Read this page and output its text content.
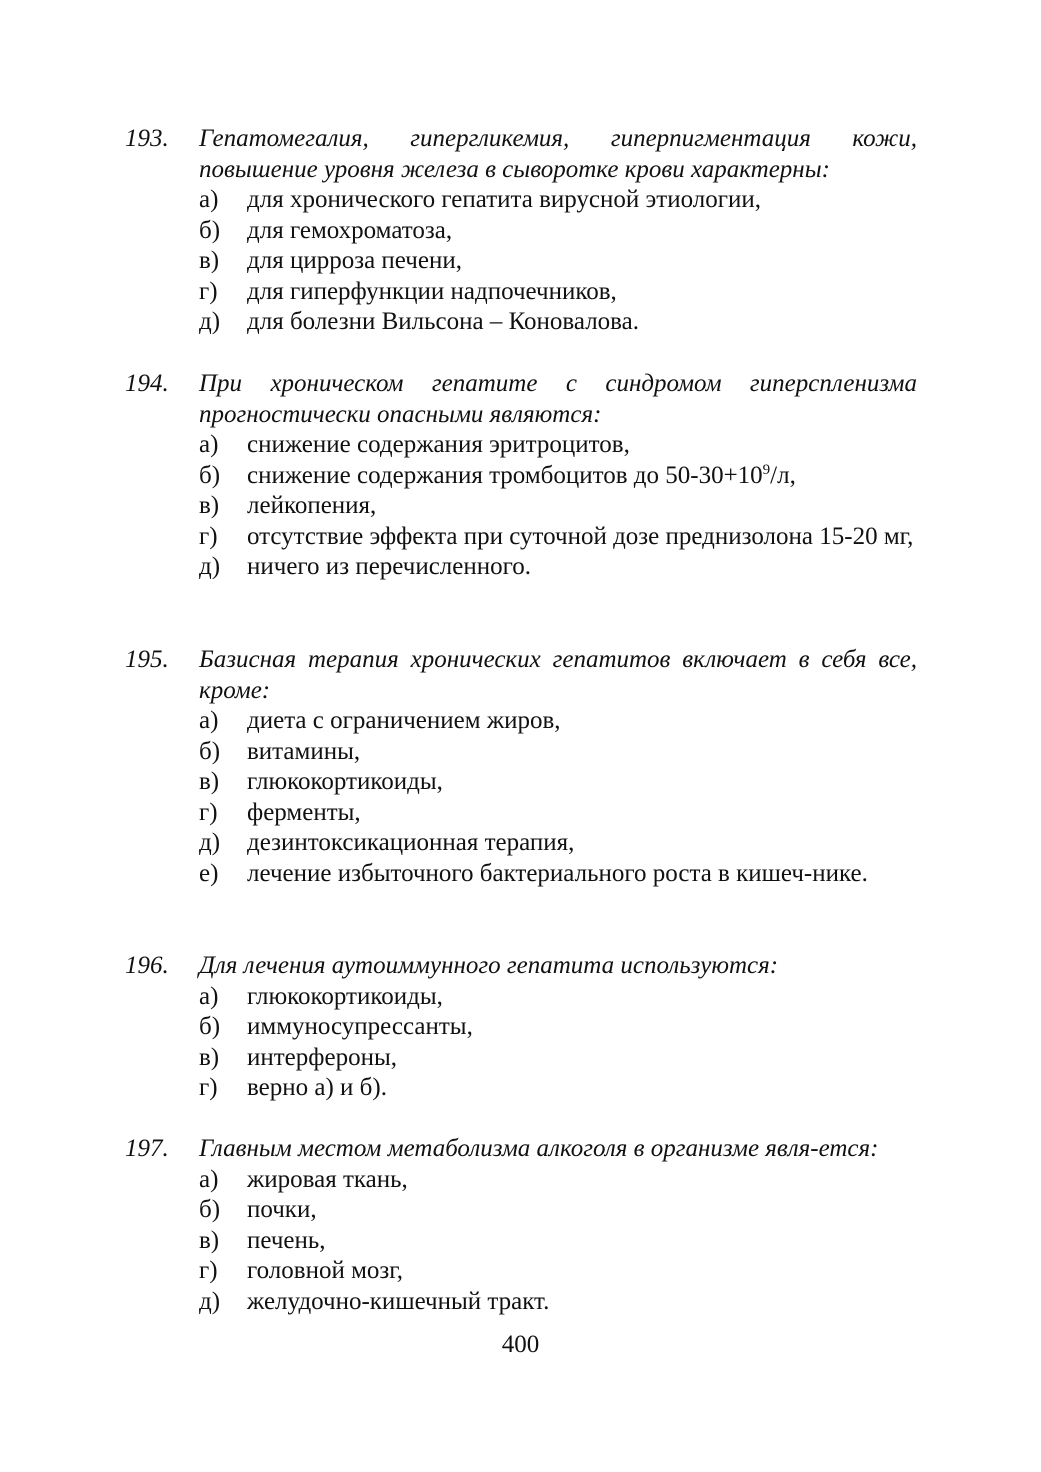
193.	Гепатомегалия, гипергликемия, гиперпигментация кожи, повышение уровня железа в сыворотке крови характерны:
а)	для хронического гепатита вирусной этиологии,
б)	для гемохроматоза,
в)	для цирроза печени,
г)	для гиперфункции надпочечников,
д)	для болезни Вильсона – Коновалова.
194.	При хроническом гепатите с синдромом гиперспленизма прогностически опасными являются:
а)	снижение содержания эритроцитов,
б)	снижение содержания тромбоцитов до $50-30+10^9/л$,
в)	лейкопения,
г)	отсутствие эффекта при суточной дозе преднизолона 15-20 мг,
д)	ничего из перечисленного.
195.	Базисная терапия хронических гепатитов включает в себя все, кроме:
а)	диета с ограничением жиров,
б)	витамины,
в)	глюкокортикоиды,
г)	ферменты,
д)	дезинтоксикационная терапия,
е)	лечение избыточного бактериального роста в кишеч-нике.
196.	Для лечения аутоиммунного гепатита используются:
а)	глюкокортикоиды,
б)	иммуносупрессанты,
в)	интерфероны,
г)	верно а) и б).
197.	Главным местом метаболизма алкоголя в организме явля-ется:
а)	жировая ткань,
б)	почки,
в)	печень,
г)	головной мозг,
д)	желудочно-кишечный тракт.
400
